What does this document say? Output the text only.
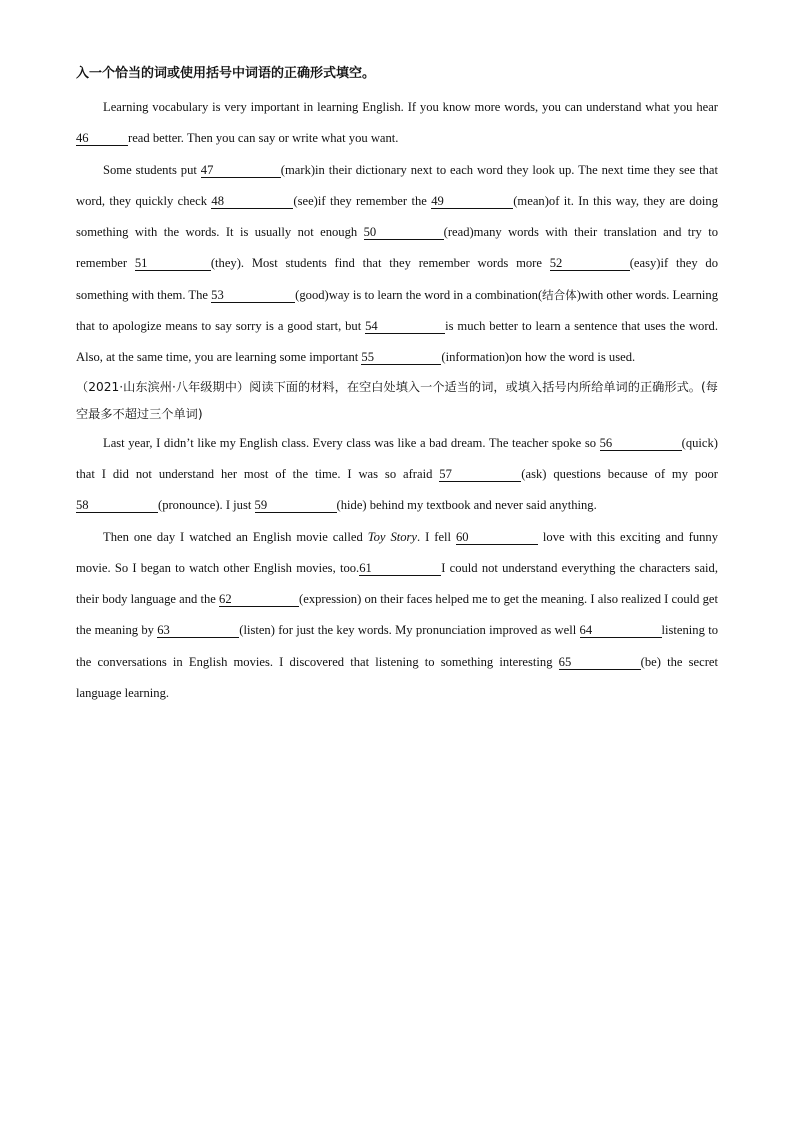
入一个恰当的词或使用括号中词语的正确形式填空。

Learning vocabulary is very important in learning English. If you know more words, you can understand what you hear 46	read better. Then you can say or write what you want.

Some students put 47	(mark)in their dictionary next to each word they look up. The next time they see that word, they quickly check 48	(see)if they remember the 49	(mean)of it. In this way, they are doing something with the words. It is usually not enough 50	(read)many words with their translation and try to remember 51	(they). Most students find that they remember words more 52	(easy)if they do something with them. The 53	(good)way is to learn the word in a combination(结合体)with other words. Learning that to apologize means to say sorry is a good start, but 54	is much better to learn a sentence that uses the word. Also, at the same time, you are learning some important 55	(information)on how the word is used.

（2021·山东滨州·八年级期中）阅读下面的材料，在空白处填入一个适当的词，或填入括号内所给单词的正确形式。(每空最多不超过三个单词)

Last year, I didn’t like my English class. Every class was like a bad dream. The teacher spoke so 56	(quick) that I did not understand her most of the time. I was so afraid 57	(ask) questions because of my poor 58	(pronounce). I just 59	(hide) behind my textbook and never said anything.

Then one day I watched an English movie called Toy Story. I fell 60	love with this exciting and funny movie. So I began to watch other English movies, too.61	I could not understand everything the characters said, their body language and the 62	(expression) on their faces helped me to get the meaning. I also realized I could get the meaning by 63	(listen) for just the key words. My pronunciation improved as well 64	listening to the conversations in English movies. I discovered that listening to something interesting 65	(be) the secret language learning.
